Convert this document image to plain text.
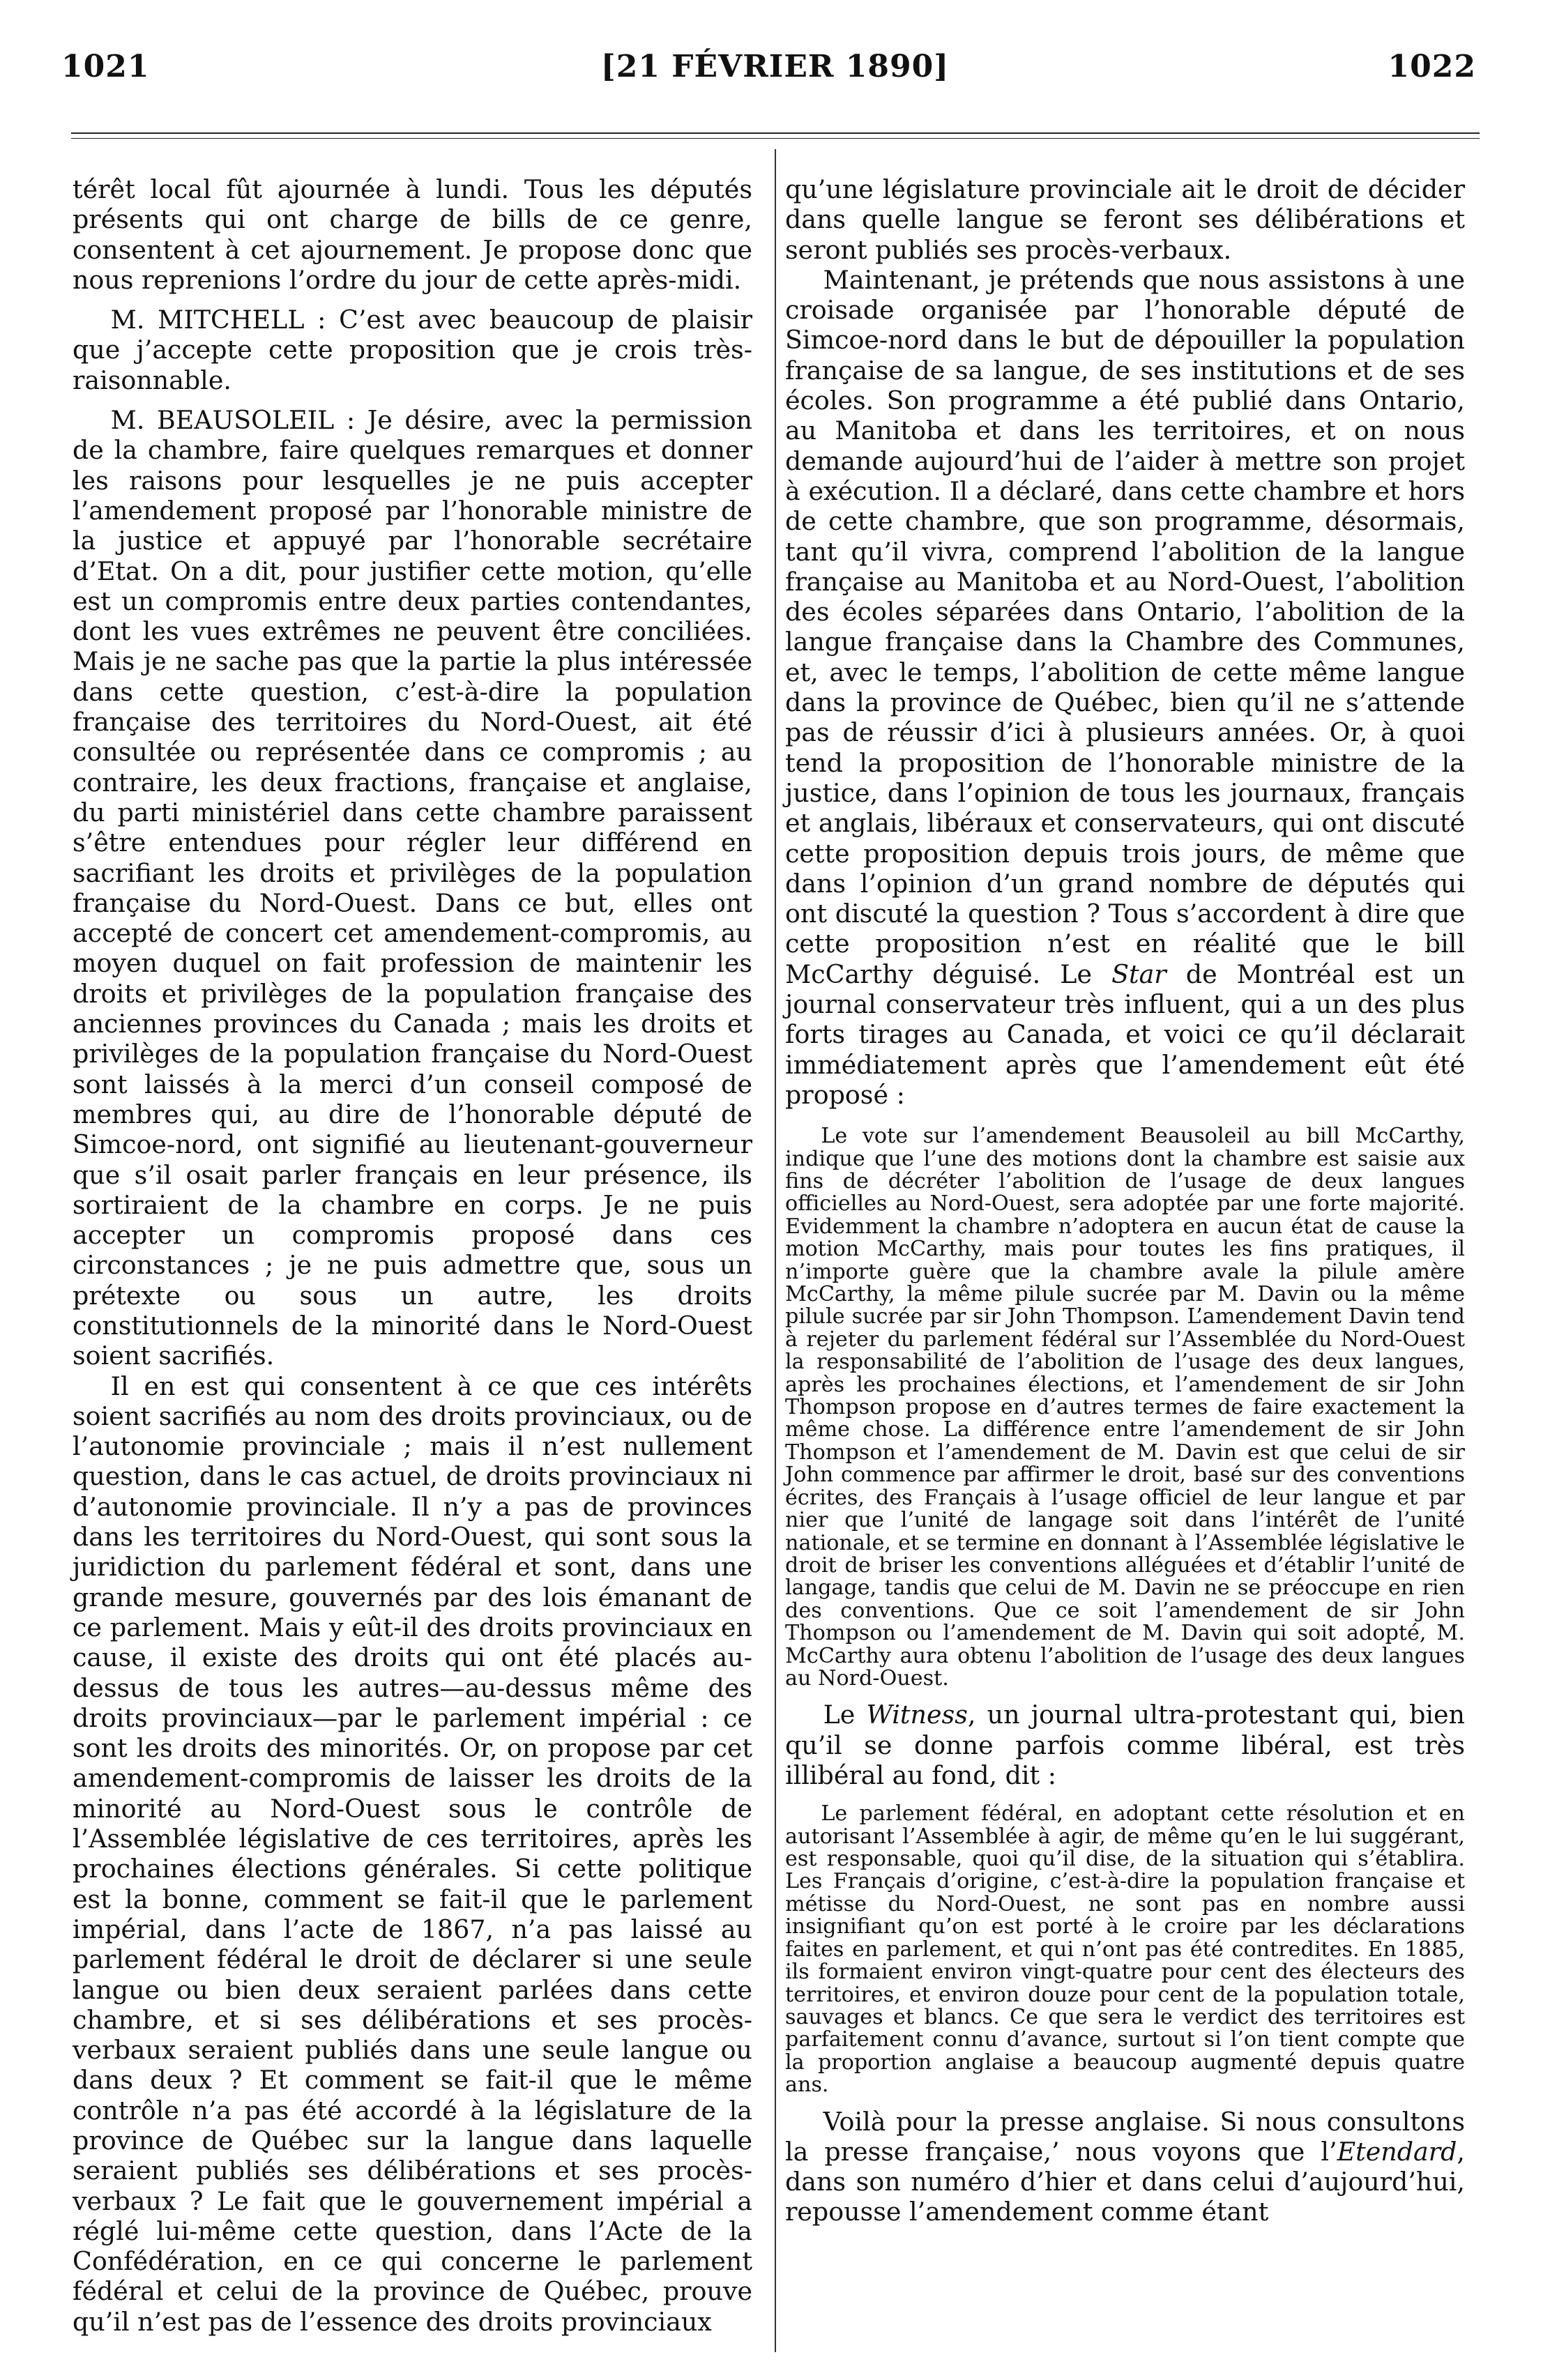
1021	[21 FÉVRIER 1890]	1022

térêt local fût ajournée à lundi. Tous les députés présents qui ont charge de bills de ce genre, consentent à cet ajournement. Je propose donc que nous reprenions l’ordre du jour de cette après-midi.

M. MITCHELL : C’est avec beaucoup de plaisir que j’accepte cette proposition que je crois très-raisonnable.

M. BEAUSOLEIL : Je désire, avec la permission de la chambre, faire quelques remarques et donner les raisons pour lesquelles je ne puis accepter l’amendement proposé par l’honorable ministre de la justice et appuyé par l’honorable secrétaire d’Etat. On a dit, pour justifier cette motion, qu’elle est un compromis entre deux parties contendantes, dont les vues extrêmes ne peuvent être conciliées. Mais je ne sache pas que la partie la plus intéressée dans cette question, c’est-à-dire la population française des territoires du Nord-Ouest, ait été consultée ou représentée dans ce compromis ; au contraire, les deux fractions, française et anglaise, du parti ministériel dans cette chambre paraissent s’être entendues pour régler leur différend en sacrifiant les droits et privilèges de la population française du Nord-Ouest. Dans ce but, elles ont accepté de concert cet amendement-compromis, au moyen duquel on fait profession de maintenir les droits et privilèges de la population française des anciennes provinces du Canada ; mais les droits et privilèges de la population française du Nord-Ouest sont laissés à la merci d’un conseil composé de membres qui, au dire de l’honorable député de Simcoe-nord, ont signifié au lieutenant-gouverneur que s’il osait parler français en leur présence, ils sortiraient de la chambre en corps. Je ne puis accepter un compromis proposé dans ces circonstances ; je ne puis admettre que, sous un prétexte ou sous un autre, les droits constitutionnels de la minorité dans le Nord-Ouest soient sacrifiés.

Il en est qui consentent à ce que ces intérêts soient sacrifiés au nom des droits provinciaux, ou de l’autonomie provinciale ; mais il n’est nullement question, dans le cas actuel, de droits provinciaux ni d’autonomie provinciale. Il n’y a pas de provinces dans les territoires du Nord-Ouest, qui sont sous la juridiction du parlement fédéral et sont, dans une grande mesure, gouvernés par des lois émanant de ce parlement. Mais y eût-il des droits provinciaux en cause, il existe des droits qui ont été placés au-dessus de tous les autres—au-dessus même des droits provinciaux—par le parlement impérial : ce sont les droits des minorités. Or, on propose par cet amendement-compromis de laisser les droits de la minorité au Nord-Ouest sous le contrôle de l’Assemblée législative de ces territoires, après les prochaines élections générales. Si cette politique est la bonne, comment se fait-il que le parlement impérial, dans l’acte de 1867, n’a pas laissé au parlement fédéral le droit de déclarer si une seule langue ou bien deux seraient parlées dans cette chambre, et si ses délibérations et ses procès-verbaux seraient publiés dans une seule langue ou dans deux ? Et comment se fait-il que le même contrôle n’a pas été accordé à la législature de la province de Québec sur la langue dans laquelle seraient publiés ses délibérations et ses procès-verbaux ? Le fait que le gouvernement impérial a réglé lui-même cette question, dans l’Acte de la Confédération, en ce qui concerne le parlement fédéral et celui de la province de Québec, prouve qu’il n’est pas de l’essence des droits provinciaux

qu’une législature provinciale ait le droit de décider dans quelle langue se feront ses délibérations et seront publiés ses procès-verbaux.

Maintenant, je prétends que nous assistons à une croisade organisée par l’honorable député de Simcoe-nord dans le but de dépouiller la population française de sa langue, de ses institutions et de ses écoles. Son programme a été publié dans Ontario, au Manitoba et dans les territoires, et on nous demande aujourd’hui de l’aider à mettre son projet à exécution. Il a déclaré, dans cette chambre et hors de cette chambre, que son programme, désormais, tant qu’il vivra, comprend l’abolition de la langue française au Manitoba et au Nord-Ouest, l’abolition des écoles séparées dans Ontario, l’abolition de la langue française dans la Chambre des Communes, et, avec le temps, l’abolition de cette même langue dans la province de Québec, bien qu’il ne s’attende pas de réussir d’ici à plusieurs années. Or, à quoi tend la proposition de l’honorable ministre de la justice, dans l’opinion de tous les journaux, français et anglais, libéraux et conservateurs, qui ont discuté cette proposition depuis trois jours, de même que dans l’opinion d’un grand nombre de députés qui ont discuté la question ? Tous s’accordent à dire que cette proposition n’est en réalité que le bill McCarthy déguisé. Le Star de Montréal est un journal conservateur très influent, qui a un des plus forts tirages au Canada, et voici ce qu’il déclarait immédiatement après que l’amendement eût été proposé :

Le vote sur l’amendement Beausoleil au bill McCarthy, indique que l’une des motions dont la chambre est saisie aux fins de décréter l’abolition de l’usage de deux langues officielles au Nord-Ouest, sera adoptée par une forte majorité. Evidemment la chambre n’adoptera en aucun état de cause la motion McCarthy, mais pour toutes les fins pratiques, il n’importe guère que la chambre avale la pilule amère McCarthy, la même pilule sucrée par M. Davin ou la même pilule sucrée par sir John Thompson. L’amendement Davin tend à rejeter du parlement fédéral sur l’Assemblée du Nord-Ouest la responsabilité de l’abolition de l’usage des deux langues, après les prochaines élections, et l’amendement de sir John Thompson propose en d’autres termes de faire exactement la même chose. La différence entre l’amendement de sir John Thompson et l’amendement de M. Davin est que celui de sir John commence par affirmer le droit, basé sur des conventions écrites, des Français à l’usage officiel de leur langue et par nier que l’unité de langage soit dans l’intérêt de l’unité nationale, et se termine en donnant à l’Assemblée législative le droit de briser les conventions alléguées et d’établir l’unité de langage, tandis que celui de M. Davin ne se préoccupe en rien des conventions. Que ce soit l’amendement de sir John Thompson ou l’amendement de M. Davin qui soit adopté, M. McCarthy aura obtenu l’abolition de l’usage des deux langues au Nord-Ouest.

Le Witness, un journal ultra-protestant qui, bien qu’il se donne parfois comme libéral, est très illibéral au fond, dit :

Le parlement fédéral, en adoptant cette résolution et en autorisant l’Assemblée à agir, de même qu’en le lui suggérant, est responsable, quoi qu’il dise, de la situation qui s’établira. Les Français d’origine, c’est-à-dire la population française et métisse du Nord-Ouest, ne sont pas en nombre aussi insignifiant qu’on est porté à le croire par les déclarations faites en parlement, et qui n’ont pas été contredites. En 1885, ils formaient environ vingt-quatre pour cent des électeurs des territoires, et environ douze pour cent de la population totale, sauvages et blancs. Ce que sera le verdict des territoires est parfaitement connu d’avance, surtout si l’on tient compte que la proportion anglaise a beaucoup augmenté depuis quatre ans.

Voilà pour la presse anglaise. Si nous consultons la presse française,’ nous voyons que l’Etendard, dans son numéro d’hier et dans celui d’aujourd’hui, repousse l’amendement comme étant
